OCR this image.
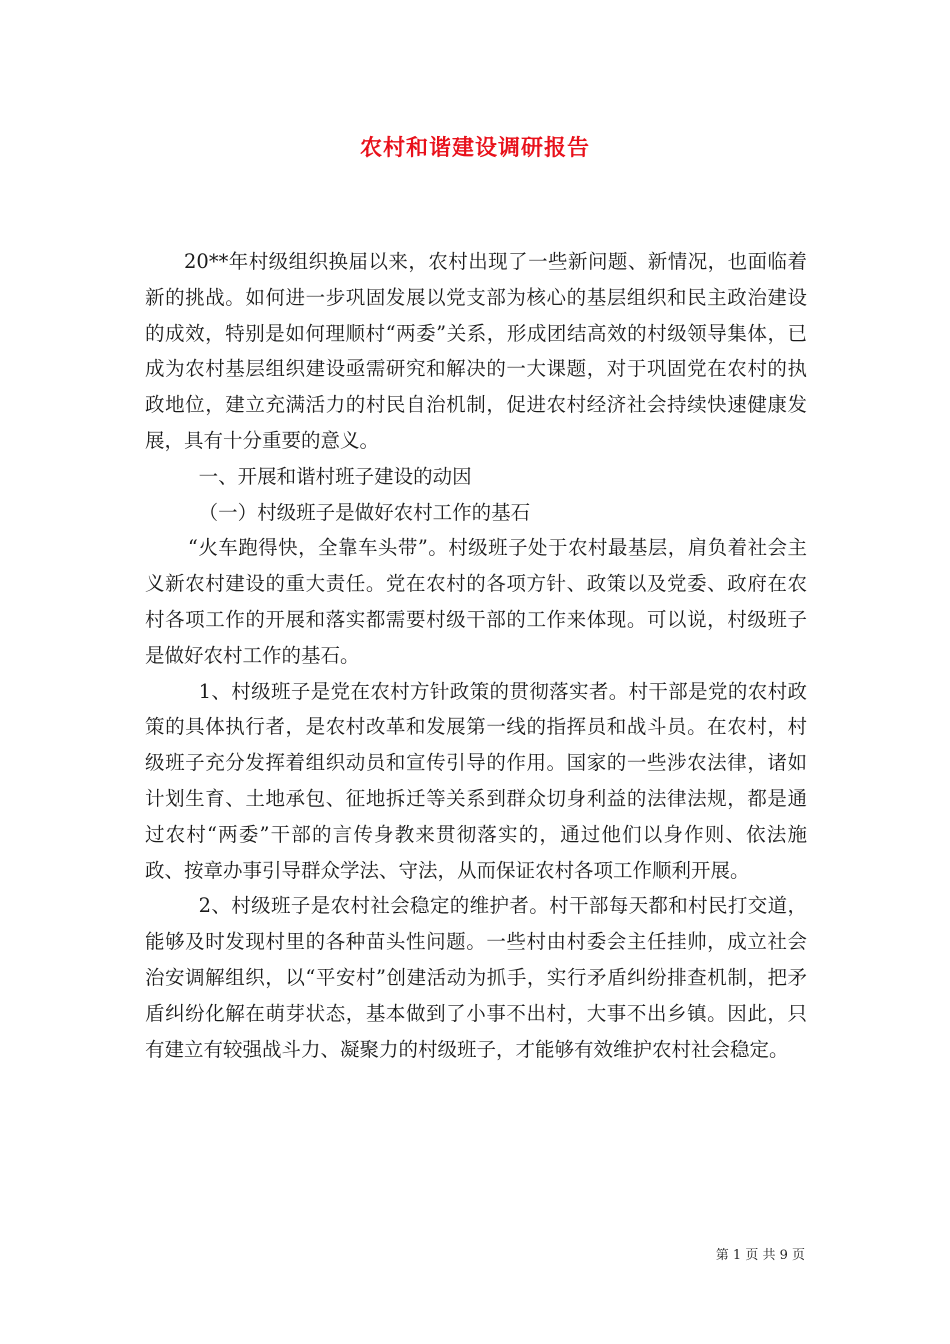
农村和谐建设调研报告

20**年村级组织换届以来，农村出现了一些新问题、新情况，也面临着新的挑战。如何进一步巩固发展以党支部为核心的基层组织和民主政治建设的成效，特别是如何理顺村“两委”关系，形成团结高效的村级领导集体，已成为农村基层组织建设亟需研究和解决的一大课题，对于巩固党在农村的执政地位，建立充满活力的村民自治机制，促进农村经济社会持续快速健康发展，具有十分重要的意义。

一、开展和谐村班子建设的动因

（一）村级班子是做好农村工作的基石

“火车跑得快，全靠车头带”。村级班子处于农村最基层，肩负着社会主义新农村建设的重大责任。党在农村的各项方针、政策以及党委、政府在农村各项工作的开展和落实都需要村级干部的工作来体现。可以说，村级班子是做好农村工作的基石。

1、村级班子是党在农村方针政策的贯彻落实者。村干部是党的农村政策的具体执行者，是农村改革和发展第一线的指挥员和战斗员。在农村，村级班子充分发挥着组织动员和宣传引导的作用。国家的一些涉农法律，诸如计划生育、土地承包、征地拆迁等关系到群众切身利益的法律法规，都是通过农村“两委”干部的言传身教来贯彻落实的，通过他们以身作则、依法施政、按章办事引导群众学法、守法，从而保证农村各项工作顺利开展。

2、村级班子是农村社会稳定的维护者。村干部每天都和村民打交道，能够及时发现村里的各种苗头性问题。一些村由村委会主任挂帅，成立社会治安调解组织，以“平安村”创建活动为抓手，实行矛盾纠纷排查机制，把矛盾纠纷化解在萌芽状态，基本做到了小事不出村，大事不出乡镇。因此，只有建立有较强战斗力、凝聚力的村级班子，才能够有效维护农村社会稳定。

第 1 页 共 9 页
